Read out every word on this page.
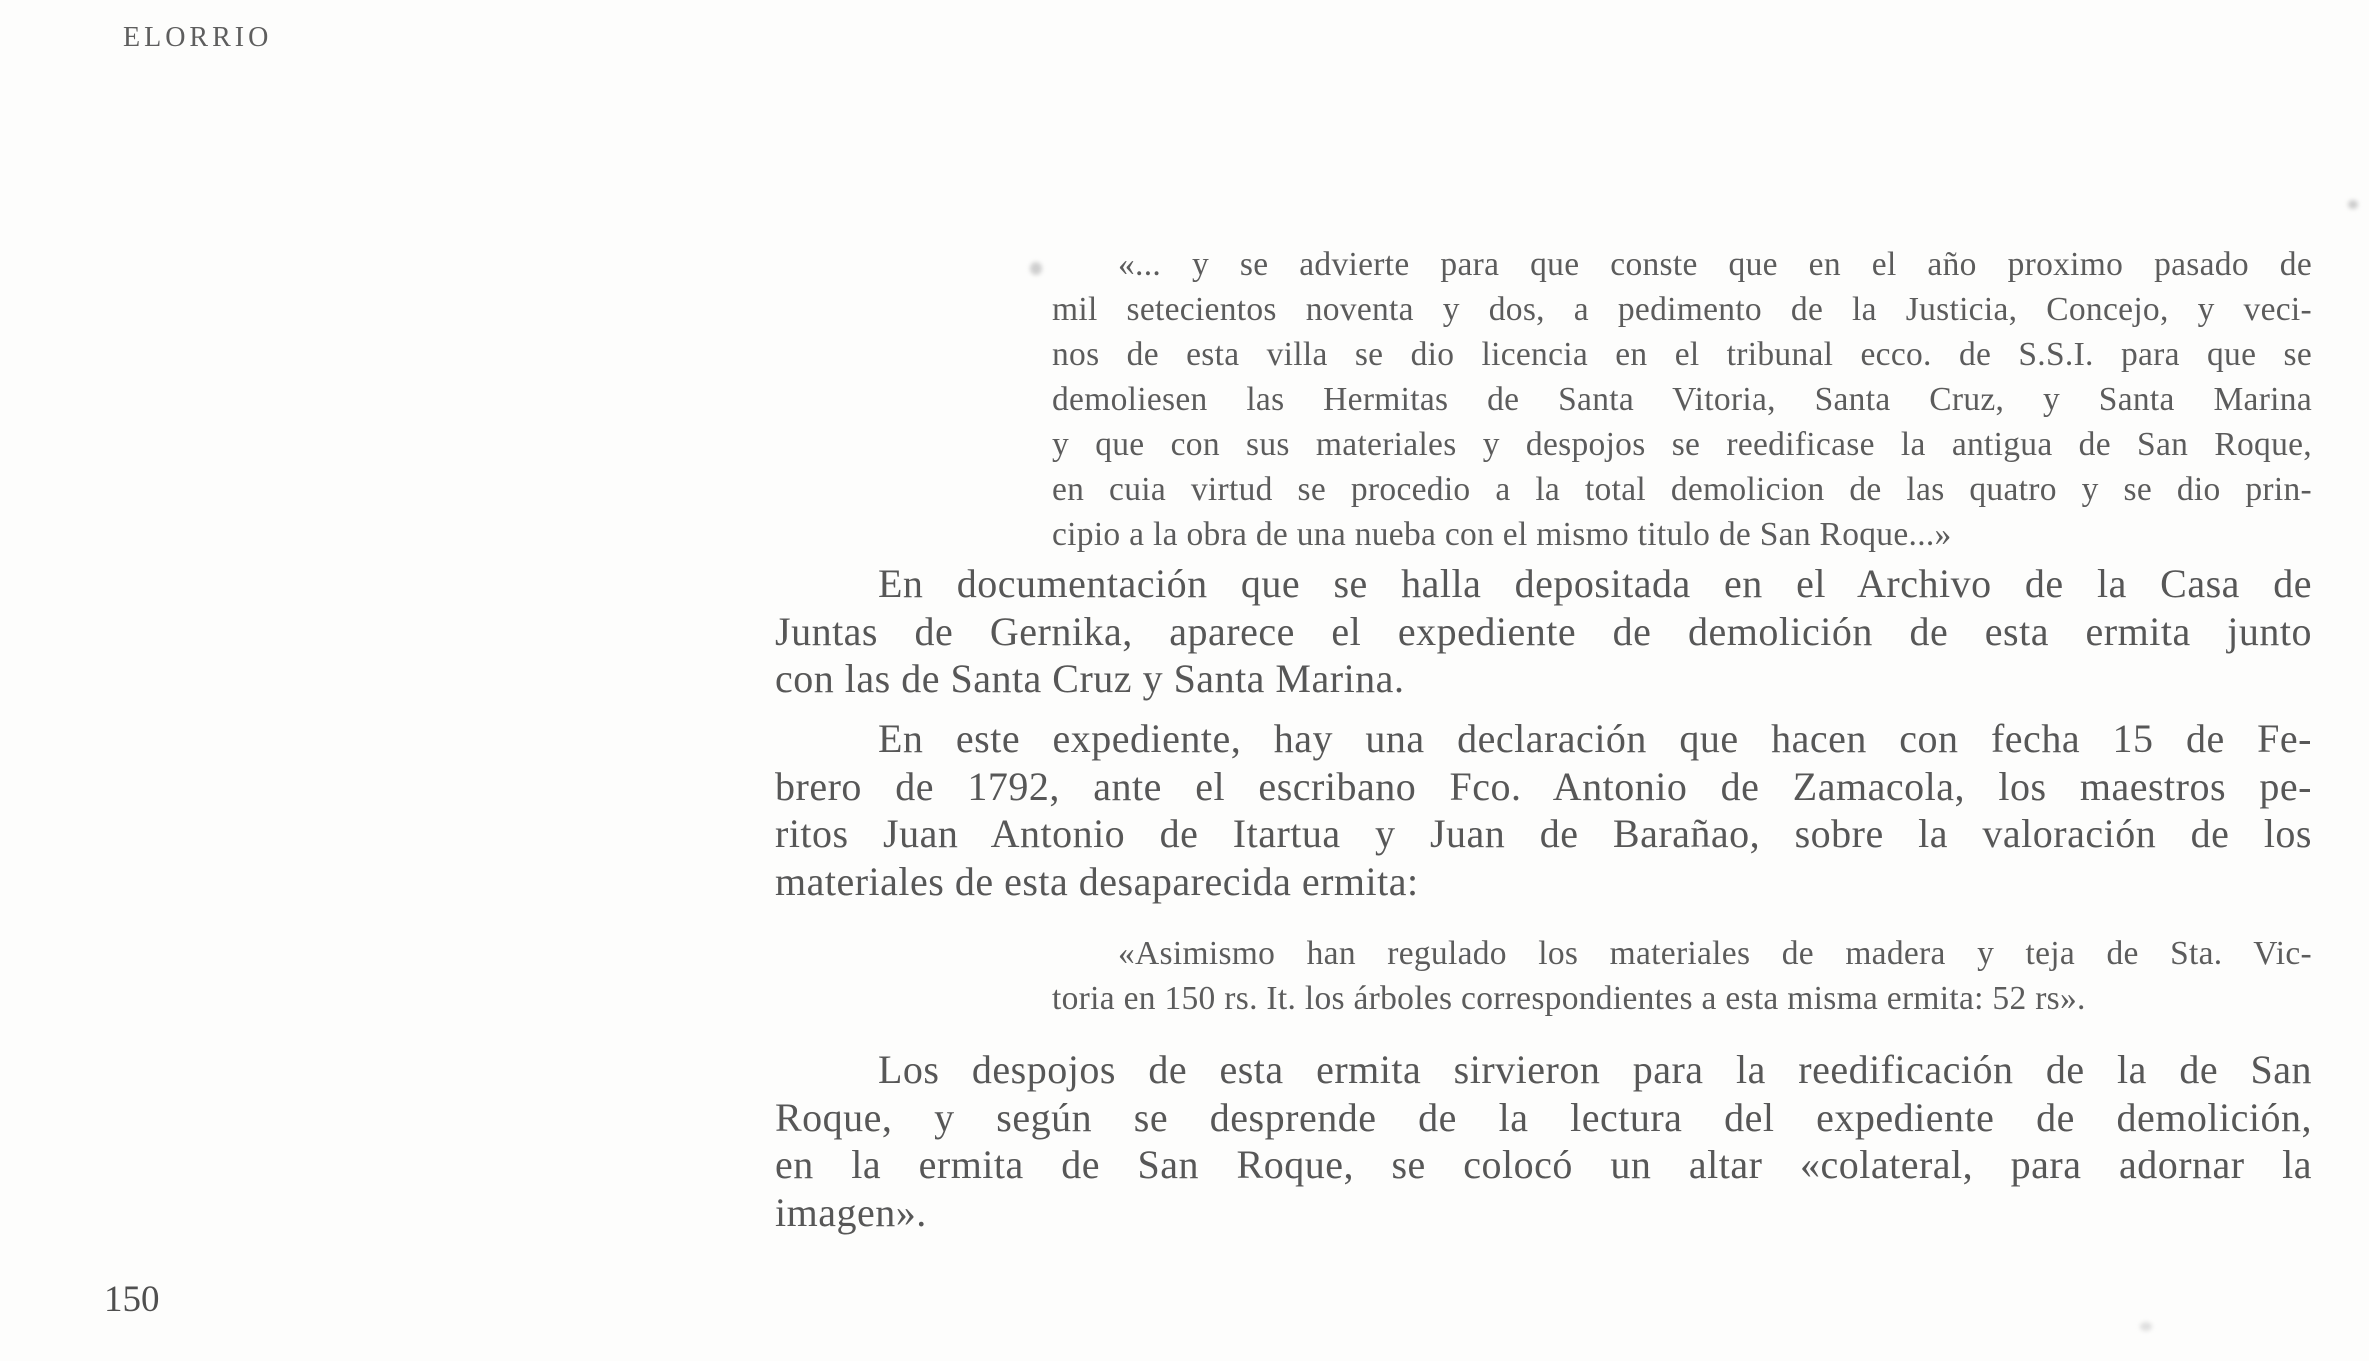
ELORRIO
«... y se advierte para que conste que en el año proximo pasado de
mil setecientos noventa y dos, a pedimento de la Justicia, Concejo, y veci-
nos de esta villa se dio licencia en el tribunal ecco. de S.S.I. para que se
demoliesen las Hermitas de Santa Vitoria, Santa Cruz, y Santa Marina
y que con sus materiales y despojos se reedificase la antigua de San Roque,
en cuia virtud se procedio a la total demolicion de las quatro y se dio prin-
cipio a la obra de una nueba con el mismo titulo de San Roque...»
En documentación que se halla depositada en el Archivo de la Casa de
Juntas de Gernika, aparece el expediente de demolición de esta ermita junto
con las de Santa Cruz y Santa Marina.
En este expediente, hay una declaración que hacen con fecha 15 de Fe-
brero de 1792, ante el escribano Fco. Antonio de Zamacola, los maestros pe-
ritos Juan Antonio de Itartua y Juan de Barañao, sobre la valoración de los
materiales de esta desaparecida ermita:
«Asimismo han regulado los materiales de madera y teja de Sta. Vic-
toria en 150 rs. It. los árboles correspondientes a esta misma ermita: 52 rs».
Los despojos de esta ermita sirvieron para la reedificación de la de San
Roque, y según se desprende de la lectura del expediente de demolición,
en la ermita de San Roque, se colocó un altar «colateral, para adornar la
imagen».
150
